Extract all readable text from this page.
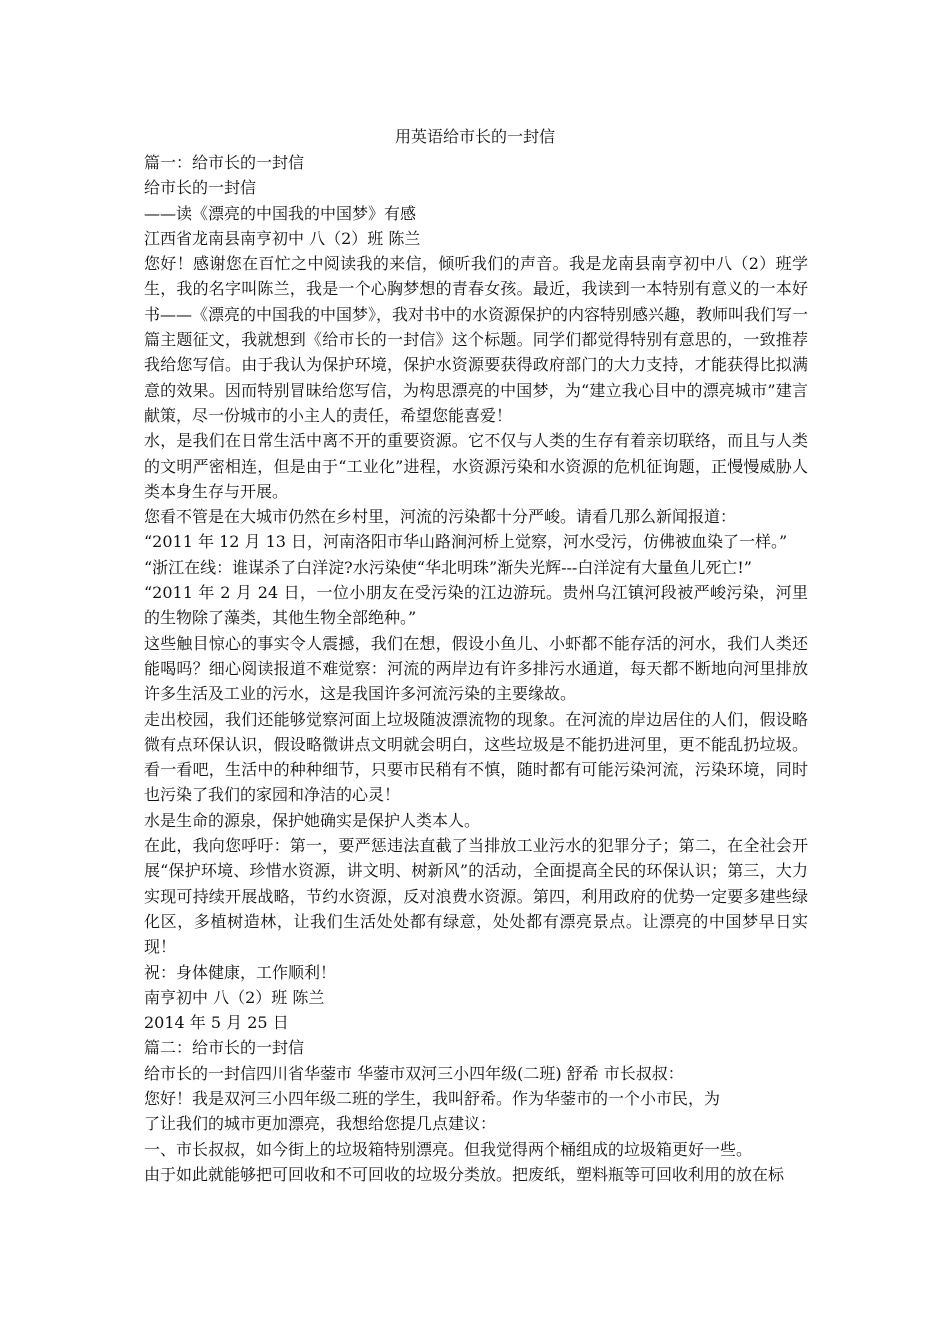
用英语给市长的一封信

篇一：给市长的一封信

给市长的一封信

——读《漂亮的中国我的中国梦》有感

江西省龙南县南亨初中 八（2）班 陈兰

您好！感谢您在百忙之中阅读我的来信，倾听我们的声音。我是龙南县南亨初中八（2）班学生，我的名字叫陈兰，我是一个心胸梦想的青春女孩。最近，我读到一本特别有意义的一本好书——《漂亮的中国我的中国梦》，我对书中的水资源保护的内容特别感兴趣，教师叫我们写一篇主题征文，我就想到《给市长的一封信》这个标题。同学们都觉得特别有意思的，一致推荐我给您写信。由于我认为保护环境，保护水资源要获得政府部门的大力支持，才能获得比拟满意的效果。因而特别冒昧给您写信，为构思漂亮的中国梦，为“建立我心目中的漂亮城市”建言献策，尽一份城市的小主人的责任，希望您能喜爱！

水，是我们在日常生活中离不开的重要资源。它不仅与人类的生存有着亲切联络，而且与人类的文明严密相连，但是由于“工业化”进程，水资源污染和水资源的危机征询题，正慢慢威胁人类本身生存与开展。

您看不管是在大城市仍然在乡村里，河流的污染都十分严峻。请看几那么新闻报道：

“2011 年 12 月 13 日，河南洛阳市华山路涧河桥上觉察，河水受污，仿佛被血染了一样。”

“浙江在线：谁谋杀了白洋淀?水污染使“华北明珠”渐失光辉---白洋淀有大量鱼儿死亡!”

“2011 年 2 月 24 日，一位小朋友在受污染的江边游玩。贵州乌江镇河段被严峻污染，河里的生物除了藻类，其他生物全部绝种。”

这些触目惊心的事实令人震撼，我们在想，假设小鱼儿、小虾都不能存活的河水，我们人类还能喝吗？细心阅读报道不难觉察：河流的两岸边有许多排污水通道，每天都不断地向河里排放许多生活及工业的污水，这是我国许多河流污染的主要缘故。

走出校园，我们还能够觉察河面上垃圾随波漂流物的现象。在河流的岸边居住的人们，假设略微有点环保认识，假设略微讲点文明就会明白，这些垃圾是不能扔进河里，更不能乱扔垃圾。看一看吧，生活中的种种细节，只要市民稍有不慎，随时都有可能污染河流，污染环境，同时也污染了我们的家园和净洁的心灵！

水是生命的源泉，保护她确实是保护人类本人。

在此，我向您呼吁：第一，要严惩违法直截了当排放工业污水的犯罪分子；第二，在全社会开展“保护环境、珍惜水资源，讲文明、树新风”的活动，全面提高全民的环保认识；第三，大力实现可持续开展战略，节约水资源，反对浪费水资源。第四，利用政府的优势一定要多建些绿化区，多植树造林，让我们生活处处都有绿意，处处都有漂亮景点。让漂亮的中国梦早日实现！

祝：身体健康，工作顺利！

南亨初中 八（2）班 陈兰

2014 年 5 月 25 日

篇二：给市长的一封信

给市长的一封信四川省华蓥市 华蓥市双河三小四年级(二班) 舒希 市长叔叔：

您好！我是双河三小四年级二班的学生，我叫舒希。作为华蓥市的一个小市民，为

了让我们的城市更加漂亮，我想给您提几点建议：

一、市长叔叔，如今街上的垃圾箱特别漂亮。但我觉得两个桶组成的垃圾箱更好一些。

由于如此就能够把可回收和不可回收的垃圾分类放。把废纸，塑料瓶等可回收利用的放在标
